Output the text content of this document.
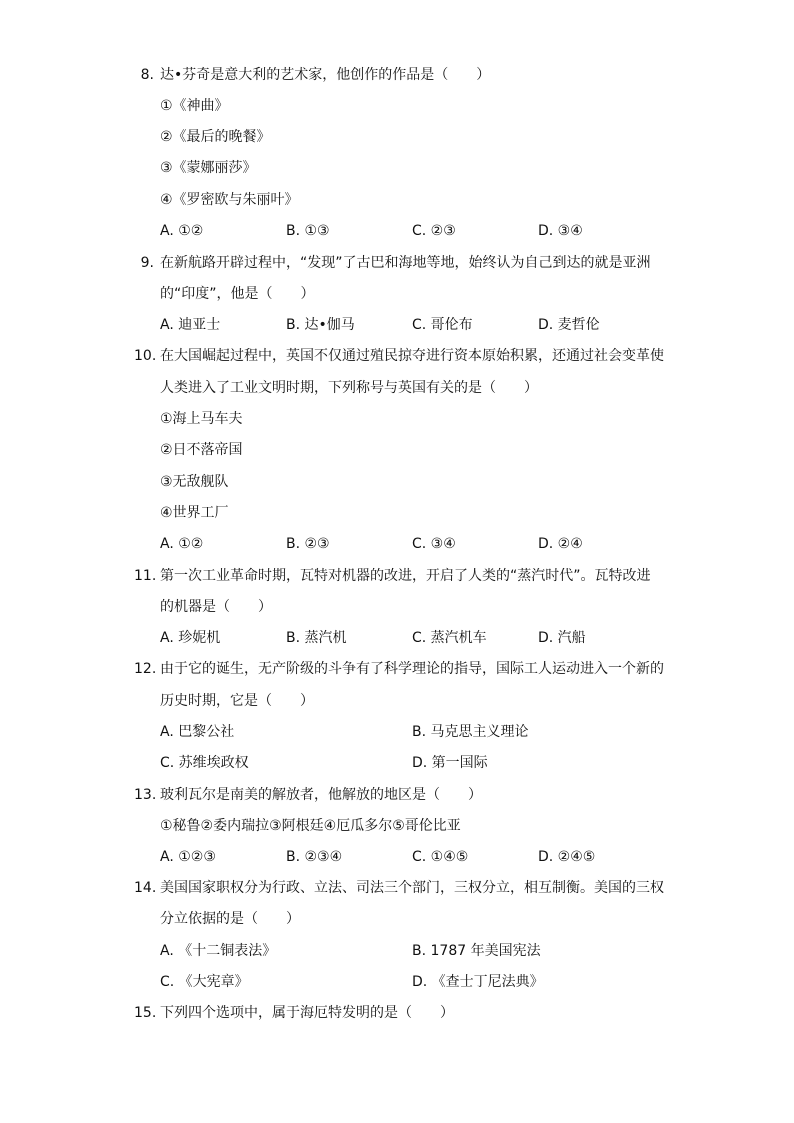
8. 达•芬奇是意大利的艺术家，他创作的作品是（　　）
①《神曲》
②《最后的晚餐》
③《蒙娜丽莎》
④《罗密欧与朱丽叶》
A. ①②	B. ①③	C. ②③	D. ③④
9. 在新航路开辟过程中，“发现”了古巴和海地等地，始终认为自己到达的就是亚洲
的“印度”，他是（　　）
A. 迪亚士	B. 达•伽马	C. 哥伦布	D. 麦哲伦
10. 在大国崛起过程中，英国不仅通过殖民掠夺进行资本原始积累，还通过社会变革使
人类进入了工业文明时期，下列称号与英国有关的是（　　）
①海上马车夫
②日不落帝国
③无敌舰队
④世界工厂
A. ①②	B. ②③	C. ③④	D. ②④
11. 第一次工业革命时期，瓦特对机器的改进，开启了人类的“蒸汽时代”。瓦特改进
的机器是（　　）
A. 珍妮机	B. 蒸汽机	C. 蒸汽机车	D. 汽船
12. 由于它的诞生，无产阶级的斗争有了科学理论的指导，国际工人运动进入一个新的
历史时期，它是（　　）
A. 巴黎公社	B. 马克思主义理论
C. 苏维埃政权	D. 第一国际
13. 玻利瓦尔是南美的解放者，他解放的地区是（　　）
①秘鲁②委内瑞拉③阿根廷④厄瓜多尔⑤哥伦比亚
A. ①②③	B. ②③④	C. ①④⑤	D. ②④⑤
14. 美国国家职权分为行政、立法、司法三个部门，三权分立，相互制衡。美国的三权
分立依据的是（　　）
A. 《十二铜表法》	B. 1787 年美国宪法
C. 《大宪章》	D. 《查士丁尼法典》
15. 下列四个选项中，属于海厄特发明的是（　　）
